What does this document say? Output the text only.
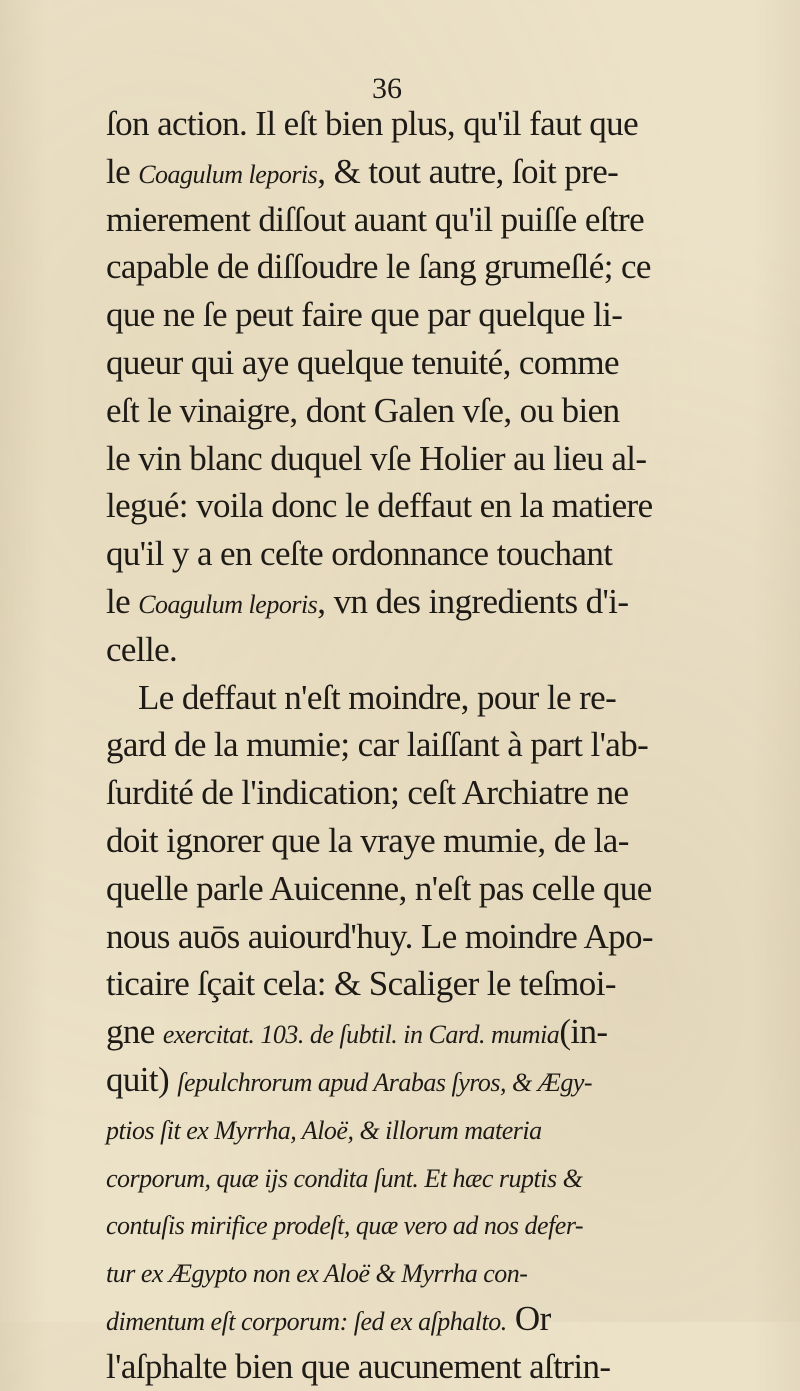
36
ſon action. Il eſt bien plus, qu'il faut que
le Coagulum leporis, & tout autre, ſoit pre-
mierement diſſout auant qu'il puiſſe eſtre
capable de diſſoudre le ſang grumeſlé; ce
que ne ſe peut faire que par quelque li-
queur qui aye quelque tenuité, comme
eſt le vinaigre, dont Galen vſe, ou bien
le vin blanc duquel vſe Holier au lieu al-
legué: voila donc le deffaut en la matiere
qu'il y a en ceſte ordonnance touchant
le Coagulum leporis, vn des ingredients d'i-
celle.
Le deffaut n'eſt moindre, pour le re-
gard de la mumie; car laiſſant à part l'ab-
ſurdité de l'indication; ceſt Archiatre ne
doit ignorer que la vraye mumie, de la-
quelle parle Auicenne, n'eſt pas celle que
nous auōs auiourd'huy. Le moindre Apo-
ticaire ſçait cela: & Scaliger le teſmoi-
gne exercitat. 103. de ſubtil. in Card. mumia(in-
quit) ſepulchrorum apud Arabas ſyros, & Ægy-
ptios ſit ex Myrrha, Aloë, & illorum materia
corporum, quæ ijs condita ſunt. Et hæc ruptis &
contuſis mirifice prodeſt, quæ vero ad nos defer-
tur ex Ægypto non ex Aloë & Myrrha con-
dimentum eſt corporum: ſed ex aſphalto. Or
l'aſphalte bien que aucunement aſtrin-
